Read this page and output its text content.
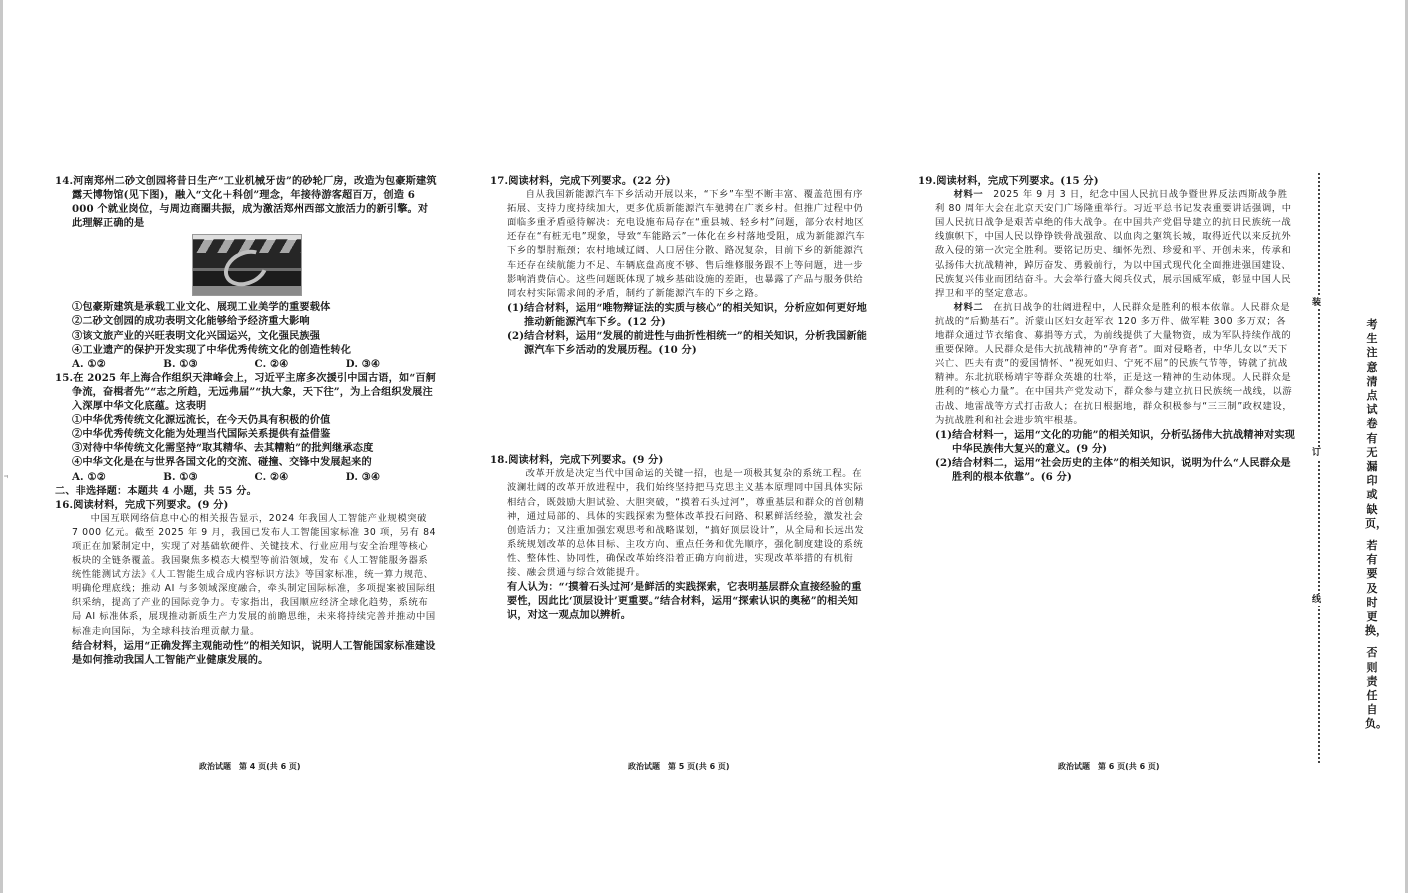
ㅋ

14.河南郑州二砂文创园将昔日生产“工业机械牙齿”的砂轮厂房，改造为包豪斯建筑露天博物馆(见下图)，融入“文化＋科创”理念，年接待游客超百万，创造 6 000 个就业岗位，与周边商圈共振，成为激活郑州西部文旅活力的新引擎。对此理解正确的是

①包豪斯建筑是承载工业文化、展现工业美学的重要载体

②二砂文创园的成功表明文化能够给予经济重大影响

③该文旅产业的兴旺表明文化兴国运兴，文化强民族强

④工业遗产的保护开发实现了中华优秀传统文化的创造性转化

A. ①②	B. ①③	C. ②④	D. ③④

15.在 2025 年上海合作组织天津峰会上，习近平主席多次援引中国古语，如“百舸争流，奋楫者先”“志之所趋，无远弗届”“执大象，天下往”，为上合组织发展注入深厚中华文化底蕴。这表明

①中华优秀传统文化源远流长，在今天仍具有积极的价值

②中华优秀传统文化能为处理当代国际关系提供有益借鉴

③对待中华传统文化需坚持“取其精华、去其糟粕”的批判继承态度

④中华文化是在与世界各国文化的交流、碰撞、交锋中发展起来的

A. ①②	B. ①③	C. ②④	D. ③④

二、非选择题：本题共 4 小题，共 55 分。

16.阅读材料，完成下列要求。(9 分)

中国互联网络信息中心的相关报告显示，2024 年我国人工智能产业规模突破 7 000 亿元。截至 2025 年 9 月，我国已发布人工智能国家标准 30 项，另有 84 项正在加紧制定中，实现了对基础软硬件、关键技术、行业应用与安全治理等核心板块的全链条覆盖。我国聚焦多模态大模型等前沿领域，发布《人工智能服务器系统性能测试方法》《人工智能生成合成内容标识方法》等国家标准，统一算力规范、明确伦理底线；推动 AI 与多领域深度融合，牵头制定国际标准，多项提案被国际组织采纳，提高了产业的国际竞争力。专家指出，我国顺应经济全球化趋势，系统布局 AI 标准体系，展现推动新质生产力发展的前瞻思维，未来将持续完善并推动中国标准走向国际，为全球科技治理贡献力量。

结合材料，运用“正确发挥主观能动性”的相关知识，说明人工智能国家标准建设是如何推动我国人工智能产业健康发展的。

17.阅读材料，完成下列要求。(22 分)

自从我国新能源汽车下乡活动开展以来，“下乡”车型不断丰富、覆盖范围有序拓展、支持力度持续加大，更多优质新能源汽车驰骋在广袤乡村。但推广过程中仍面临多重矛盾亟待解决：充电设施布局存在“重县城、轻乡村”问题，部分农村地区还存在“有桩无电”现象，导致“车能路云”一体化在乡村落地受阻，成为新能源汽车下乡的掣肘瓶颈；农村地域辽阔、人口居住分散、路况复杂，目前下乡的新能源汽车还存在续航能力不足、车辆底盘高度不够、售后维修服务跟不上等问题，进一步影响消费信心。这些问题既体现了城乡基础设施的差距，也暴露了产品与服务供给同农村实际需求间的矛盾，制约了新能源汽车的下乡之路。

(1)结合材料，运用“唯物辩证法的实质与核心”的相关知识，分析应如何更好地推动新能源汽车下乡。(12 分)

(2)结合材料，运用“发展的前进性与曲折性相统一”的相关知识，分析我国新能源汽车下乡活动的发展历程。(10 分)

18.阅读材料，完成下列要求。(9 分)

改革开放是决定当代中国命运的关键一招，也是一项极其复杂的系统工程。在波澜壮阔的改革开放进程中，我们始终坚持把马克思主义基本原理同中国具体实际相结合，既鼓励大胆试验、大胆突破，“摸着石头过河”，尊重基层和群众的首创精神，通过局部的、具体的实践探索为整体改革投石问路、积累鲜活经验，激发社会创造活力；又注重加强宏观思考和战略谋划，“搞好顶层设计”，从全局和长远出发系统规划改革的总体目标、主攻方向、重点任务和优先顺序，强化制度建设的系统性、整体性、协同性，确保改革始终沿着正确方向前进，实现改革举措的有机衔接、融会贯通与综合效能提升。

有人认为：“‘摸着石头过河’是鲜活的实践探索，它表明基层群众直接经验的重要性，因此比‘顶层设计’更重要。”结合材料，运用“探索认识的奥秘”的相关知识，对这一观点加以辨析。

19.阅读材料，完成下列要求。(15 分)

材料一　 2025 年 9 月 3 日，纪念中国人民抗日战争暨世界反法西斯战争胜利 80 周年大会在北京天安门广场隆重举行。习近平总书记发表重要讲话强调，中国人民抗日战争是艰苦卓绝的伟大战争。在中国共产党倡导建立的抗日民族统一战线旗帜下，中国人民以铮铮铁骨战强敌、以血肉之躯筑长城，取得近代以来反抗外敌入侵的第一次完全胜利。要铭记历史、缅怀先烈、珍爱和平、开创未来，传承和弘扬伟大抗战精神，踔厉奋发、勇毅前行，为以中国式现代化全面推进强国建设、民族复兴伟业而团结奋斗。大会举行盛大阅兵仪式，展示国威军威，彰显中国人民捍卫和平的坚定意志。

材料二　 在抗日战争的壮阔进程中，人民群众是胜利的根本依靠。人民群众是抗战的“后勤基石”。沂蒙山区妇女赶军衣 120 多万件、做军鞋 300 多万双；各地群众通过节衣缩食、募捐等方式，为前线提供了大量物资，成为军队持续作战的重要保障。人民群众是伟大抗战精神的“孕育者”。面对侵略者，中华儿女以“天下兴亡、匹夫有责”的爱国情怀、“视死如归、宁死不屈”的民族气节等，铸就了抗战精神。东北抗联杨靖宇等群众英雄的壮举，正是这一精神的生动体现。人民群众是胜利的“核心力量”。在中国共产党发动下，群众参与建立抗日民族统一战线，以游击战、地雷战等方式打击敌人；在抗日根据地，群众积极参与“三三制”政权建设，为抗战胜利和社会进步筑牢根基。

(1)结合材料一，运用“文化的功能”的相关知识，分析弘扬伟大抗战精神对实现中华民族伟大复兴的意义。(9 分)

(2)结合材料二，运用“社会历史的主体”的相关知识，说明为什么“人民群众是胜利的根本依靠”。(6 分)

政治试题　第 4 页(共 6 页)	政治试题　第 5 页(共 6 页)	政治试题　第 6 页(共 6 页)
装
订
线
考生注意清点试卷有无漏印或缺页，
若有要及时更换，
否则责任自负。
